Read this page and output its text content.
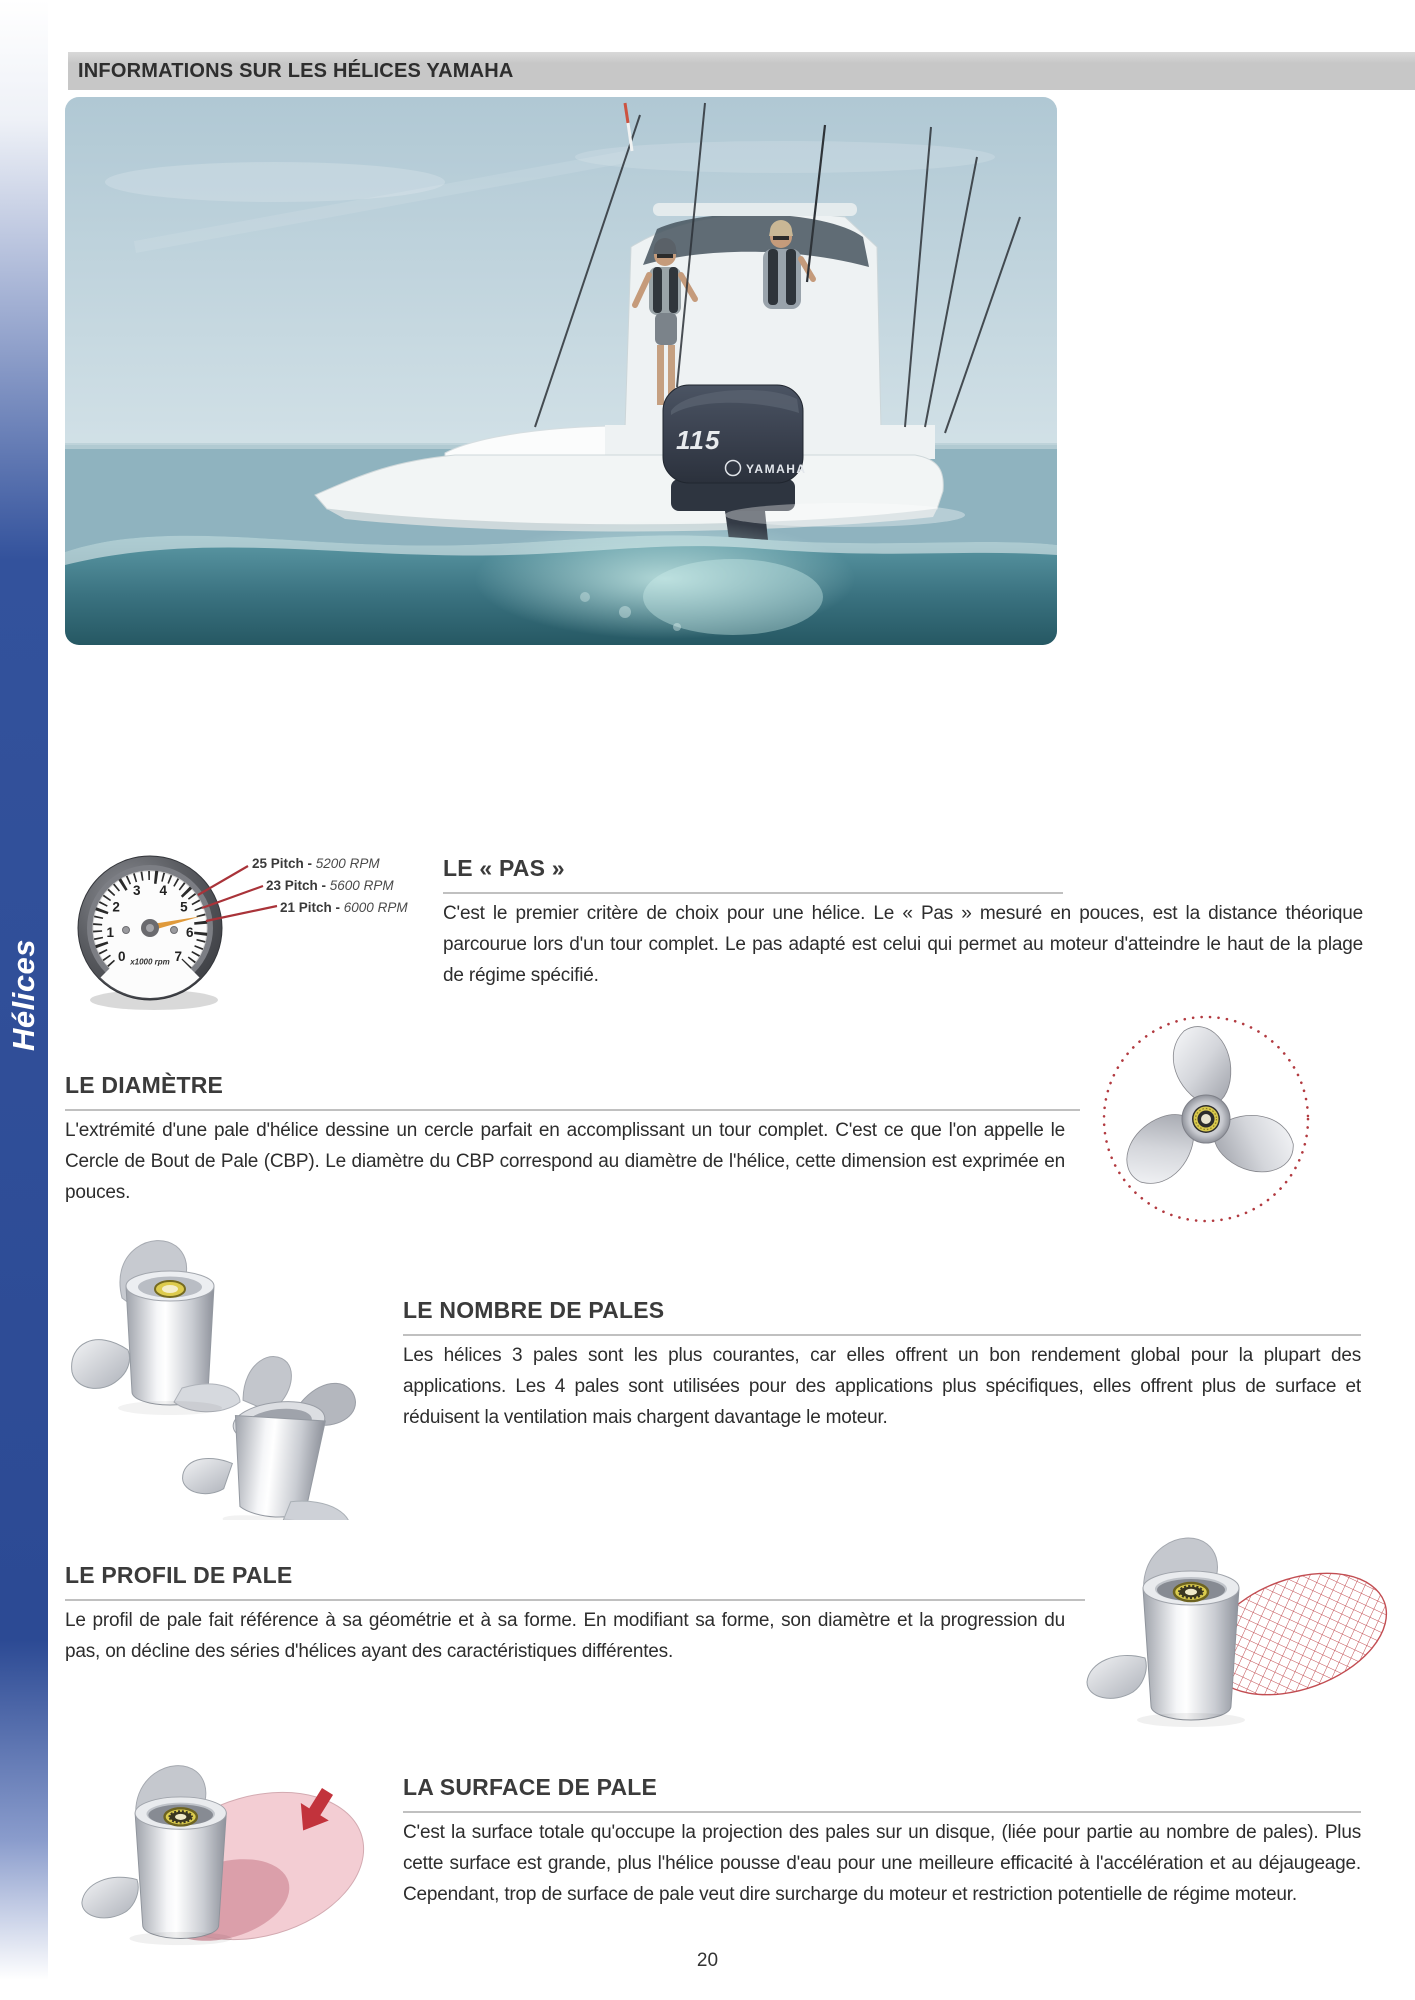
Hélices
INFORMATIONS SUR LES HÉLICES YAMAHA
115
YAMAHA
0
1
2
3 4
5
6
7
x1000 rpm
25 Pitch - 5200 RPM
23 Pitch - 5600 RPM
21 Pitch - 6000 RPM
LE « PAS »
C'est le premier critère de choix pour une hélice. Le « Pas » mesuré en pouces, est la distance théorique parcourue lors d'un tour complet. Le pas adapté est celui qui permet au moteur d'atteindre le haut de la plage de régime spécifié.
LE DIAMÈTRE
L'extrémité d'une pale d'hélice dessine un cercle parfait en accomplissant un tour complet. C'est ce que l'on appelle le Cercle de Bout de Pale (CBP). Le diamètre du CBP correspond au diamètre de l'hélice, cette dimension est exprimée en pouces.
LE NOMBRE DE PALES
Les hélices 3 pales sont les plus courantes, car elles offrent un bon rendement global pour la plupart des applications. Les 4 pales sont utilisées pour des applications plus spécifiques, elles offrent plus de surface et réduisent la ventilation mais chargent davantage le moteur.
LE PROFIL DE PALE
Le profil de pale fait référence à sa géométrie et à sa forme. En modifiant sa forme, son diamètre et la progression du pas, on décline des séries d'hélices ayant des caractéristiques différentes.
LA SURFACE DE PALE
C'est la surface totale qu'occupe la projection des pales sur un disque, (liée pour partie au nombre de pales). Plus cette surface est grande, plus l'hélice pousse d'eau pour une meilleure efficacité à l'accélération et au déjaugeage. Cependant, trop de surface de pale veut dire surcharge du moteur et restriction potentielle de régime moteur.
20
